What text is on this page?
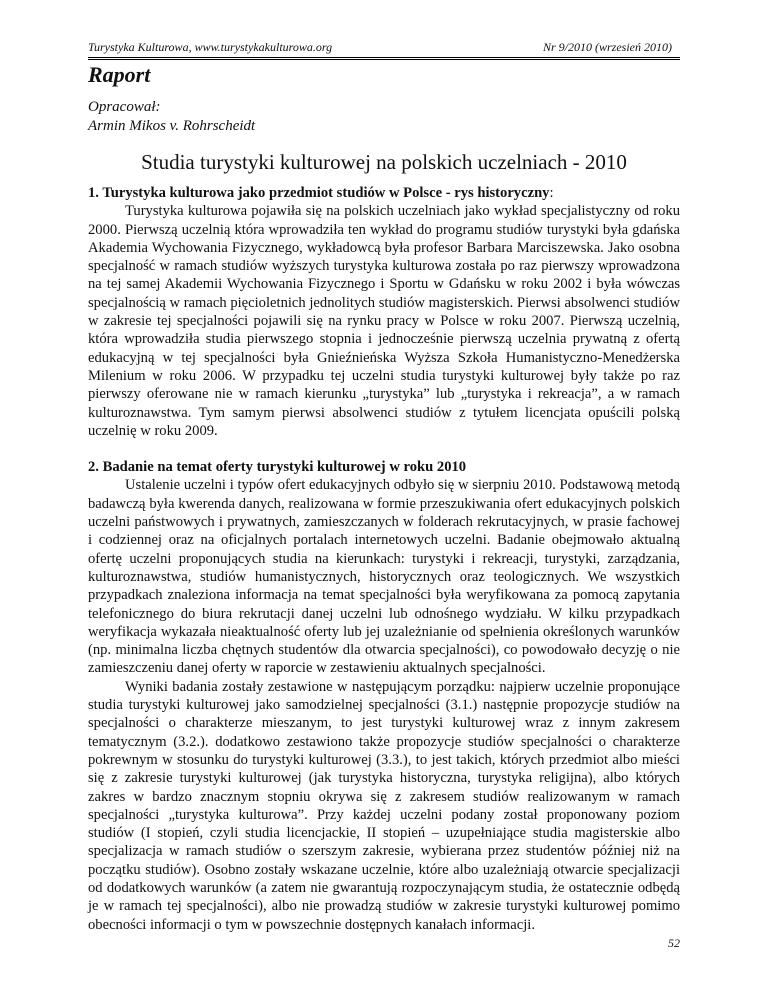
Turystyka Kulturowa, www.turystykakulturowa.org	Nr 9/2010 (wrzesień 2010)
Raport
Opracował:
Armin Mikos v. Rohrscheidt
Studia turystyki kulturowej na polskich uczelniach - 2010
1. Turystyka kulturowa jako przedmiot studiów w Polsce - rys historyczny:

Turystyka kulturowa pojawiła się na polskich uczelniach jako wykład specjalistyczny od roku 2000. Pierwszą uczelnią która wprowadziła ten wykład do programu studiów turystyki była gdańska Akademia Wychowania Fizycznego, wykładowcą była profesor Barbara Marciszewska. Jako osobna specjalność w ramach studiów wyższych turystyka kulturowa została po raz pierwszy wprowadzona na tej samej Akademii Wychowania Fizycznego i Sportu w Gdańsku w roku 2002 i była wówczas specjalnością w ramach pięcioletnich jednolitych studiów magisterskich. Pierwsi absolwenci studiów w zakresie tej specjalności pojawili się na rynku pracy w Polsce w roku 2007. Pierwszą uczelnią, która wprowadziła studia pierwszego stopnia i jednocześnie pierwszą uczelnia prywatną z ofertą edukacyjną w tej specjalności była Gnieźnieńska Wyższa Szkoła Humanistyczno-Menedżerska Milenium w roku 2006. W przypadku tej uczelni studia turystyki kulturowej były także po raz pierwszy oferowane nie w ramach kierunku „turystyka” lub „turystyka i rekreacja”, a w ramach kulturoznawstwa. Tym samym pierwsi absolwenci studiów z tytułem licencjata opuścili polską uczelnię w roku 2009.

2. Badanie na temat oferty turystyki kulturowej w roku 2010

Ustalenie uczelni i typów ofert edukacyjnych odbyło się w sierpniu 2010. Podstawową metodą badawczą była kwerenda danych, realizowana w formie przeszukiwania ofert edukacyjnych polskich uczelni państwowych i prywatnych, zamieszczanych w folderach rekrutacyjnych, w prasie fachowej i codziennej oraz na oficjalnych portalach internetowych uczelni. Badanie obejmowało aktualną ofertę uczelni proponujących studia na kierunkach: turystyki i rekreacji, turystyki, zarządzania, kulturoznawstwa, studiów humanistycznych, historycznych oraz teologicznych. We wszystkich przypadkach znaleziona informacja na temat specjalności była weryfikowana za pomocą zapytania telefonicznego do biura rekrutacji danej uczelni lub odnośnego wydziału. W kilku przypadkach weryfikacja wykazała nieaktualność oferty lub jej uzależnianie od spełnienia określonych warunków (np. minimalna liczba chętnych studentów dla otwarcia specjalności), co powodowało decyzję o nie zamieszczeniu danej oferty w raporcie w zestawieniu aktualnych specjalności.

Wyniki badania zostały zestawione w następującym porządku: najpierw uczelnie proponujące studia turystyki kulturowej jako samodzielnej specjalności (3.1.) następnie propozycje studiów na specjalności o charakterze mieszanym, to jest turystyki kulturowej wraz z innym zakresem tematycznym (3.2.). dodatkowo zestawiono także propozycje studiów specjalności o charakterze pokrewnym w stosunku do turystyki kulturowej (3.3.), to jest takich, których przedmiot albo mieści się z zakresie turystyki kulturowej (jak turystyka historyczna, turystyka religijna), albo których zakres w bardzo znacznym stopniu okrywa się z zakresem studiów realizowanym w ramach specjalności „turystyka kulturowa”. Przy każdej uczelni podany został proponowany poziom studiów (I stopień, czyli studia licencjackie, II stopień – uzupełniające studia magisterskie albo specjalizacja w ramach studiów o szerszym zakresie, wybierana przez studentów później niż na początku studiów). Osobno zostały wskazane uczelnie, które albo uzależniają otwarcie specjalizacji od dodatkowych warunków (a zatem nie gwarantują rozpoczynającym studia, że ostatecznie odbędą je w ramach tej specjalności), albo nie prowadzą studiów w zakresie turystyki kulturowej pomimo obecności informacji o tym w powszechnie dostępnych kanałach informacji.

52
